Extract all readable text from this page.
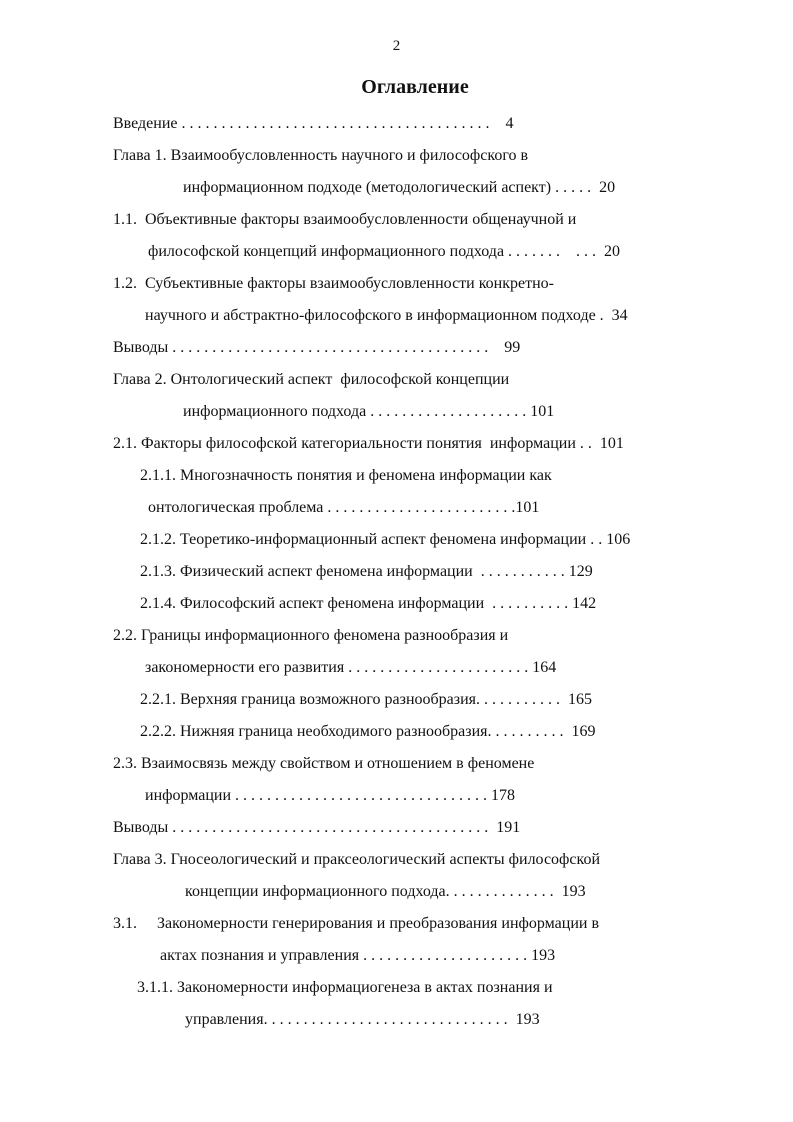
2
Оглавление
Введение . . . . . . . . . . . . . . . . . . . . . . . . . . . . . . . . . . . . . . .    4
Глава 1. Взаимообусловленность научного и философского в
информационном подходе (методологический аспект) . . . . .  20
1.1.  Объективные факторы взаимообусловленности общенаучной и
философской концепций информационного подхода . . . . . . .    . . .  20
1.2.  Субъективные факторы взаимообусловленности конкретно-
научного и абстрактно-философского в информационном подходе .  34
Выводы . . . . . . . . . . . . . . . . . . . . . . . . . . . . . . . . . . . . . . . .    99
Глава 2. Онтологический аспект  философской концепции
информационного подхода . . . . . . . . . . . . . . . . . . . . 101
2.1. Факторы философской категориальности понятия  информации . .  101
2.1.1. Многозначность понятия и феномена информации как
онтологическая проблема . . . . . . . . . . . . . . . . . . . . . . . .101
2.1.2. Теоретико-информационный аспект феномена информации . . 106
2.1.3. Физический аспект феномена информации  . . . . . . . . . . . 129
2.1.4. Философский аспект феномена информации  . . . . . . . . . . 142
2.2. Границы информационного феномена разнообразия и
закономерности его развития . . . . . . . . . . . . . . . . . . . . . . . 164
2.2.1. Верхняя граница возможного разнообразия. . . . . . . . . . .  165
2.2.2. Нижняя граница необходимого разнообразия. . . . . . . . . .  169
2.3. Взаимосвязь между свойством и отношением в феномене
информации . . . . . . . . . . . . . . . . . . . . . . . . . . . . . . . . 178
Выводы . . . . . . . . . . . . . . . . . . . . . . . . . . . . . . . . . . . . . . . .  191
Глава 3. Гносеологический и праксеологический аспекты философской
концепции информационного подхода. . . . . . . . . . . . . .  193
3.1.     Закономерности генерирования и преобразования информации в
актах познания и управления . . . . . . . . . . . . . . . . . . . . . 193
3.1.1. Закономерности информациогенеза в актах познания и
управления. . . . . . . . . . . . . . . . . . . . . . . . . . . . . . .  193
